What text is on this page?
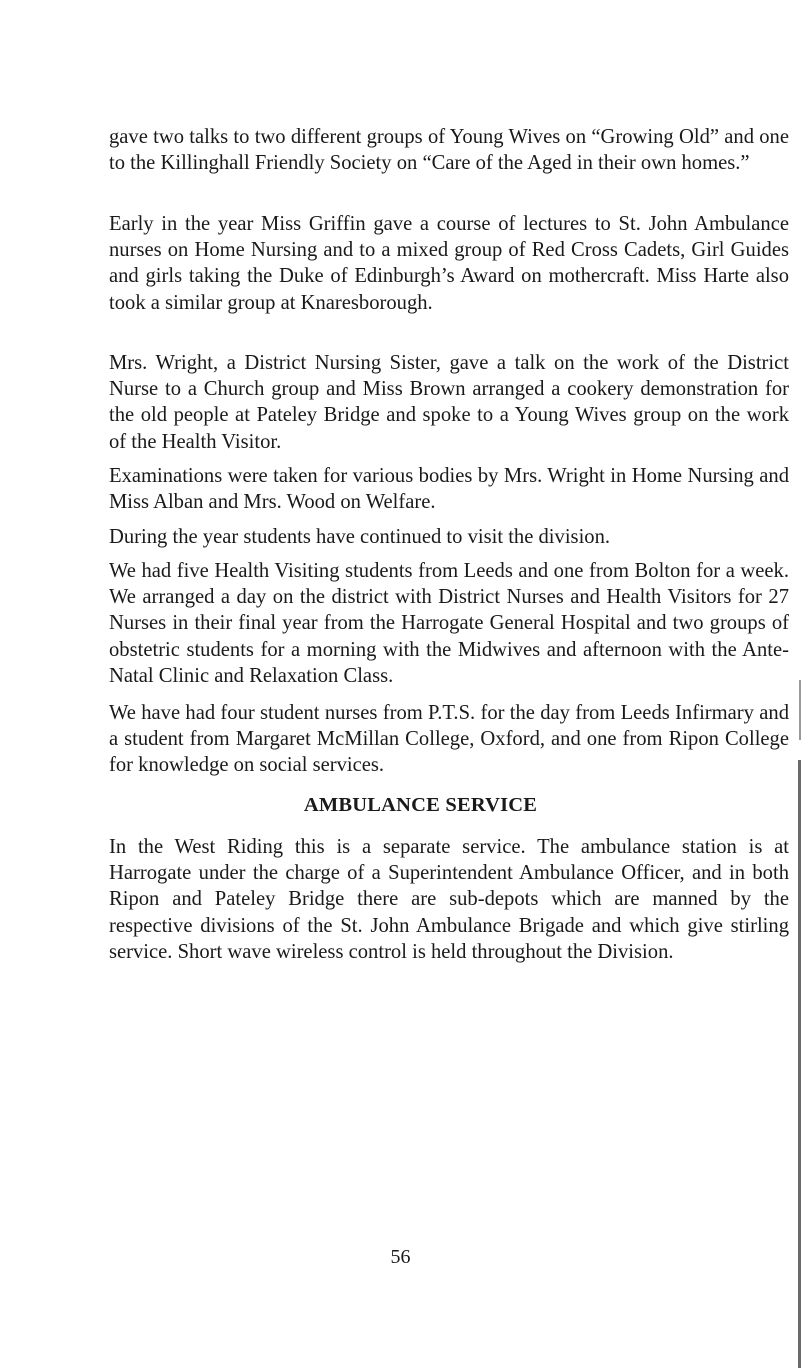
gave two talks to two different groups of Young Wives on “Growing Old” and one to the Killinghall Friendly Society on “Care of the Aged in their own homes.”

Early in the year Miss Griffin gave a course of lectures to St. John Ambulance nurses on Home Nursing and to a mixed group of Red Cross Cadets, Girl Guides and girls taking the Duke of Edinburgh’s Award on mothercraft. Miss Harte also took a similar group at Knaresborough.

Mrs. Wright, a District Nursing Sister, gave a talk on the work of the District Nurse to a Church group and Miss Brown arranged a cookery demonstration for the old people at Pateley Bridge and spoke to a Young Wives group on the work of the Health Visitor.

Examinations were taken for various bodies by Mrs. Wright in Home Nursing and Miss Alban and Mrs. Wood on Welfare.

During the year students have continued to visit the division.

We had five Health Visiting students from Leeds and one from Bolton for a week. We arranged a day on the district with District Nurses and Health Visitors for 27 Nurses in their final year from the Harrogate General Hospital and two groups of obstetric students for a morning with the Midwives and afternoon with the Ante-Natal Clinic and Relaxation Class.

We have had four student nurses from P.T.S. for the day from Leeds Infirmary and a student from Margaret McMillan College, Oxford, and one from Ripon College for knowledge on social services.

AMBULANCE SERVICE

In the West Riding this is a separate service. The ambulance station is at Harrogate under the charge of a Superintendent Ambulance Officer, and in both Ripon and Pateley Bridge there are sub-depots which are manned by the respective divisions of the St. John Ambulance Brigade and which give stirling service. Short wave wireless control is held throughout the Division.

56
